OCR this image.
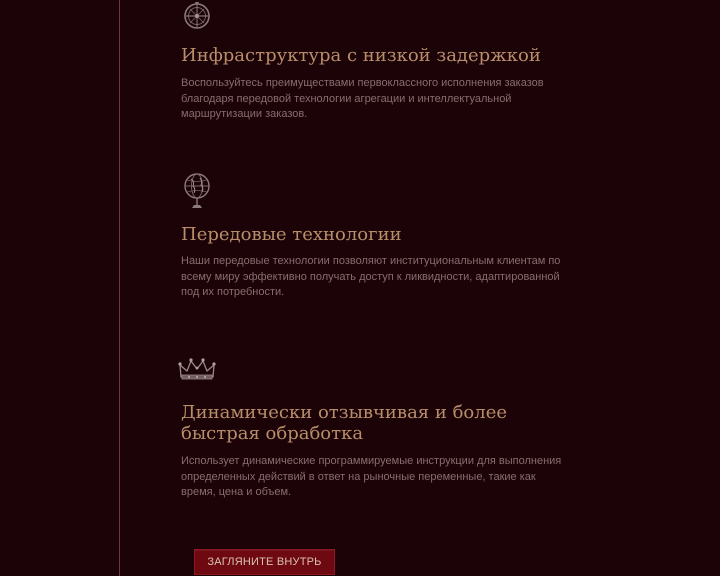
Инфраструктура с низкой задержкой

Воспользуйтесь преимуществами первоклассного исполнения заказов благодаря передовой технологии агрегации и интеллектуальной маршрутизации заказов.

Передовые технологии

Наши передовые технологии позволяют институциональным клиентам по всему миру эффективно получать доступ к ликвидности, адаптированной под их потребности.

Динамически отзывчивая и более быстрая обработка

Использует динамические программируемые инструкции для выполнения определенных действий в ответ на рыночные переменные, такие как время, цена и объем.

ЗАГЛЯНИТЕ ВНУТРЬ
